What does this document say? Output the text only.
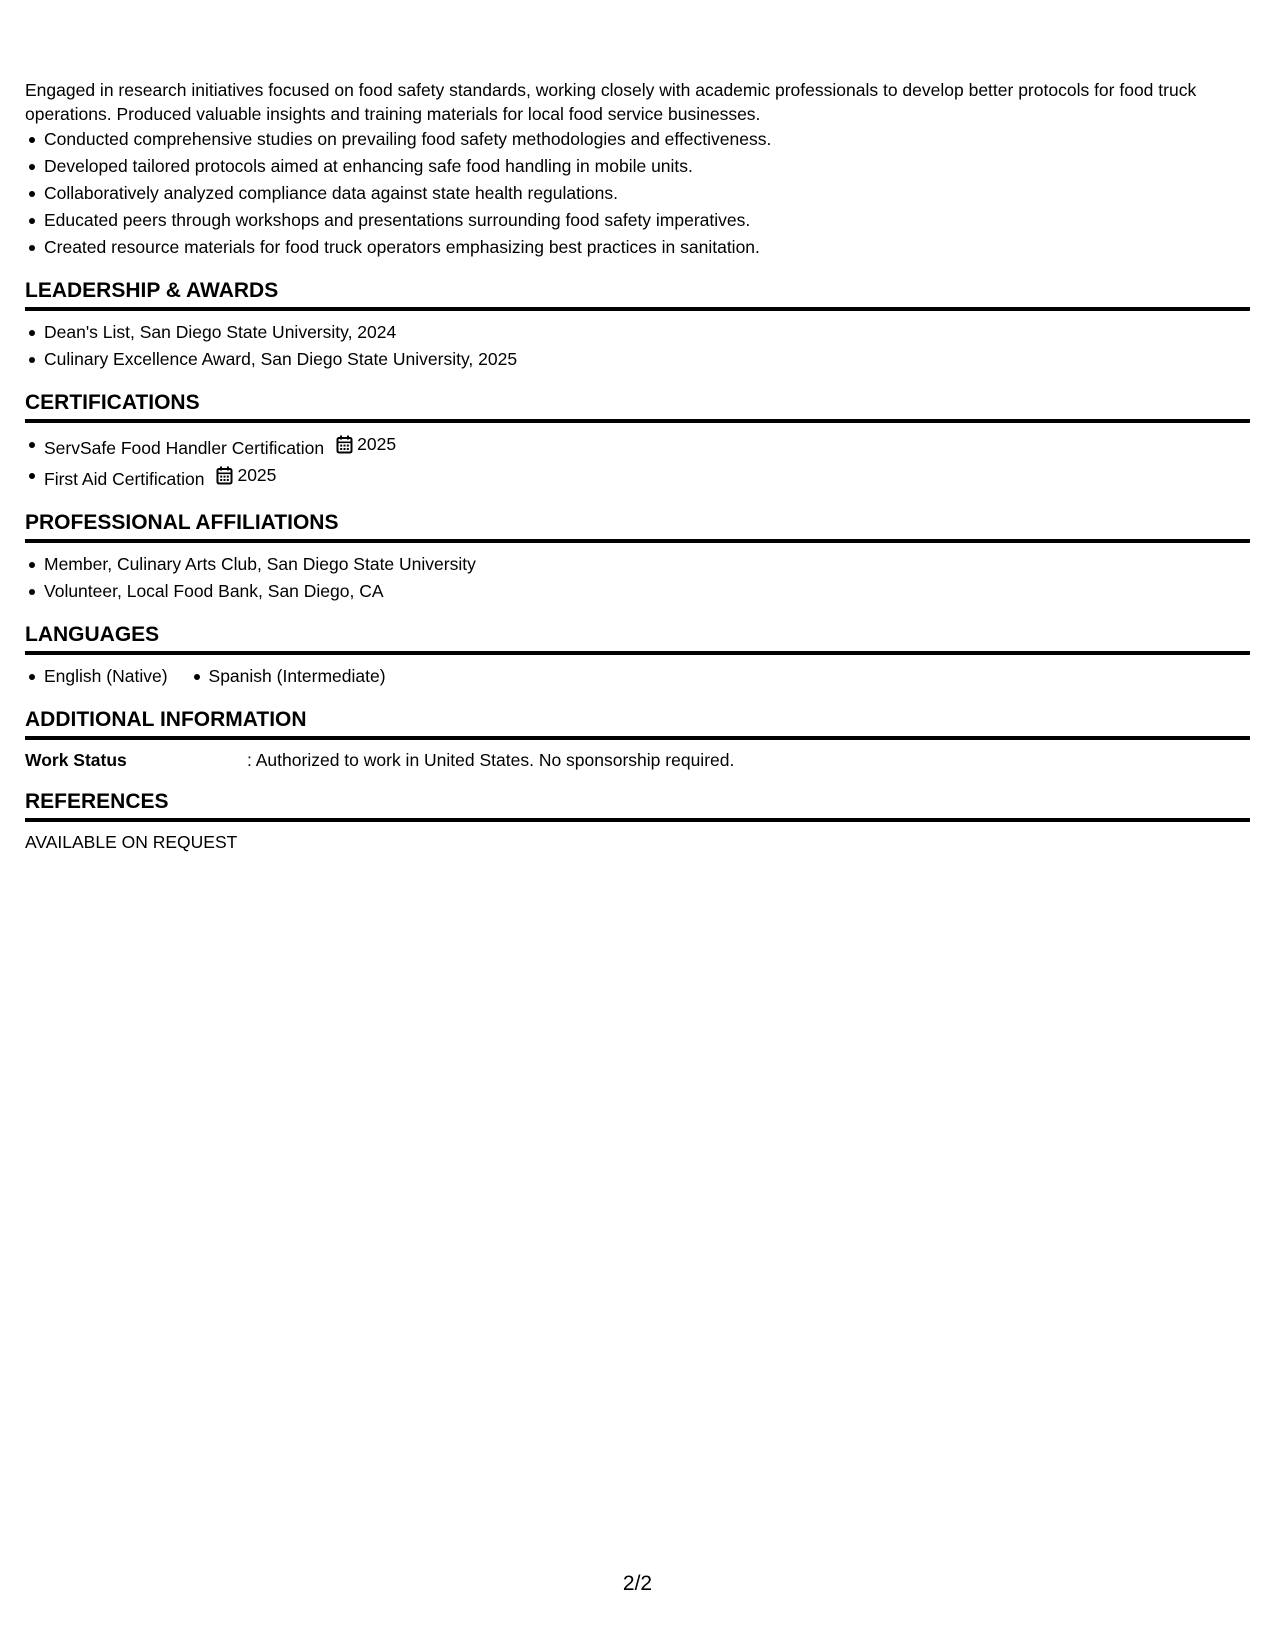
Engaged in research initiatives focused on food safety standards, working closely with academic professionals to develop better protocols for food truck operations. Produced valuable insights and training materials for local food service businesses.

Conducted comprehensive studies on prevailing food safety methodologies and effectiveness.
Developed tailored protocols aimed at enhancing safe food handling in mobile units.
Collaboratively analyzed compliance data against state health regulations.
Educated peers through workshops and presentations surrounding food safety imperatives.
Created resource materials for food truck operators emphasizing best practices in sanitation.
LEADERSHIP & AWARDS
Dean's List, San Diego State University, 2024
Culinary Excellence Award, San Diego State University, 2025
CERTIFICATIONS
ServSafe Food Handler Certification 2025
First Aid Certification 2025
PROFESSIONAL AFFILIATIONS
Member, Culinary Arts Club, San Diego State University
Volunteer, Local Food Bank, San Diego, CA
LANGUAGES
English (Native)	Spanish (Intermediate)
ADDITIONAL INFORMATION
Work Status	: Authorized to work in United States. No sponsorship required.
REFERENCES
AVAILABLE ON REQUEST
2/2
